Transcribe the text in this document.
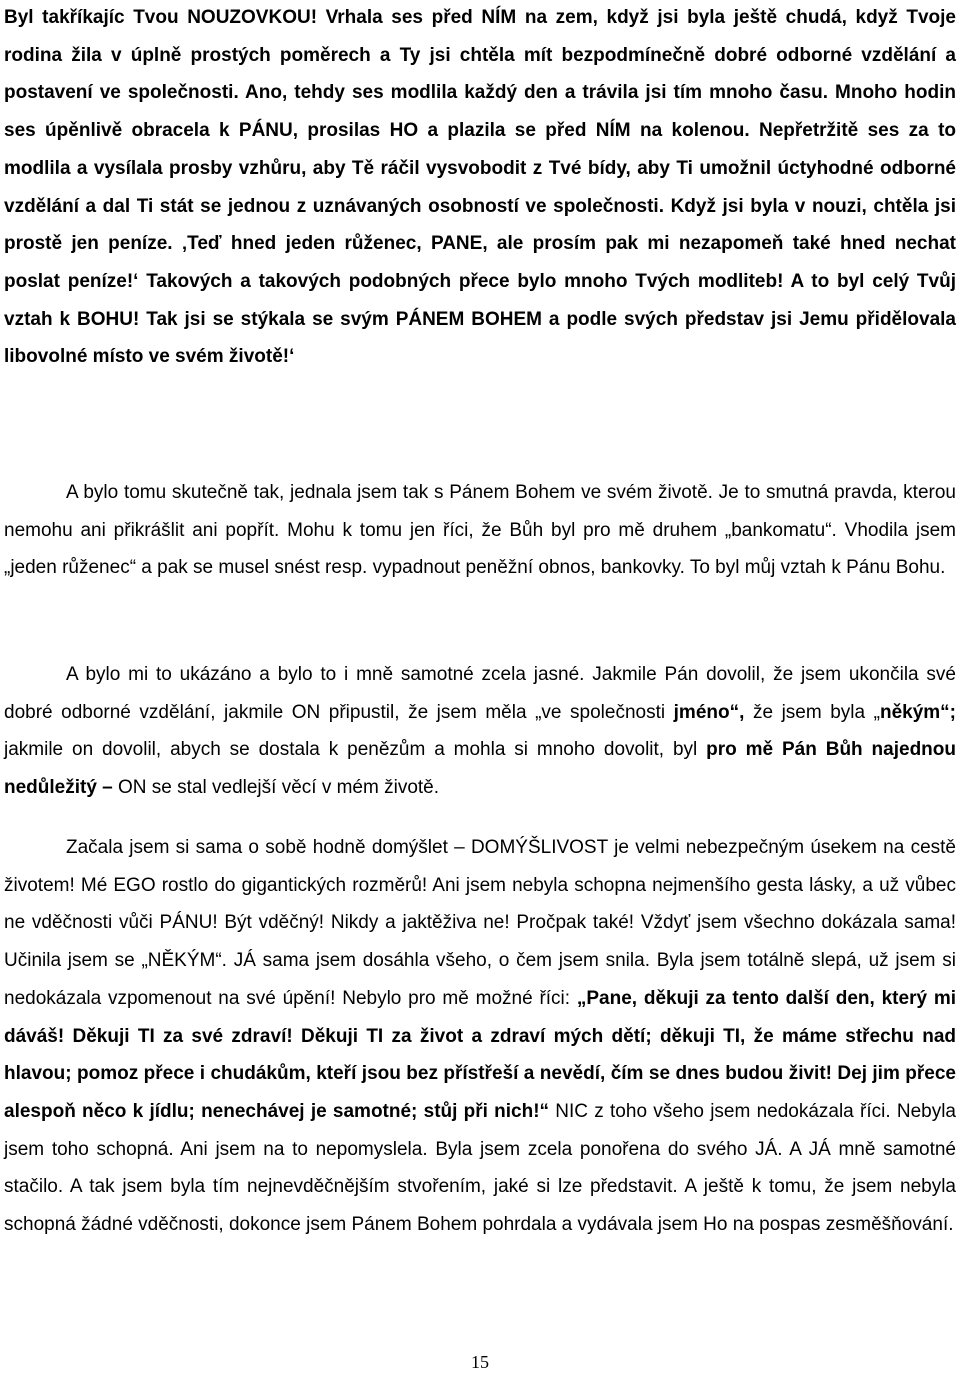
Byl takříkajíc Tvou NOUZOVKOU! Vrhala ses před NÍM na zem, když jsi byla ještě chudá, když Tvoje rodina žila v úplně prostých poměrech a Ty jsi chtěla mít bezpodmínečně dobré odborné vzdělání a postavení ve společnosti. Ano, tehdy ses modlila každý den a trávila jsi tím mnoho času. Mnoho hodin ses úpěnlivě obracela k PÁNU, prosilas HO a plazila se před NÍM na kolenou. Nepřetržitě ses za to modlila a vysílala prosby vzhůru, aby Tě ráčil vysvobodit z Tvé bídy, aby Ti umožnil úctyhodné odborné vzdělání a dal Ti stát se jednou z uznávaných osobností ve společnosti. Když jsi byla v nouzi, chtěla jsi prostě jen peníze. ‚Teď hned jeden růženec, PANE, ale prosím pak mi nezapomeň také hned nechat poslat peníze!‘ Takových a takových podobných přece bylo mnoho Tvých modliteb! A to byl celý Tvůj vztah k BOHU! Tak jsi se stýkala se svým PÁNEM BOHEM a podle svých představ jsi Jemu přidělovala libovolné místo ve svém životě!‘

A bylo tomu skutečně tak, jednala jsem tak s Pánem Bohem ve svém životě. Je to smutná pravda, kterou nemohu ani přikrášlit ani popřít. Mohu k tomu jen říci, že Bůh byl pro mě druhem „bankomatu“. Vhodila jsem „jeden růženec“ a pak se musel snést resp. vypadnout peněžní obnos, bankovky. To byl můj vztah k Pánu Bohu.

A bylo mi to ukázáno a bylo to i mně samotné zcela jasné. Jakmile Pán dovolil, že jsem ukončila své dobré odborné vzdělání, jakmile ON připustil, že jsem měla „ve společnosti jméno“, že jsem byla „někým“; jakmile on dovolil, abych se dostala k penězům a mohla si mnoho dovolit, byl pro mě Pán Bůh najednou nedůležitý – ON se stal vedlejší věcí v mém životě.

Začala jsem si sama o sobě hodně domýšlet – DOMÝŠLIVOST je velmi nebezpečným úsekem na cestě životem! Mé EGO rostlo do gigantických rozměrů! Ani jsem nebyla schopna nejmenšího gesta lásky, a už vůbec ne vděčnosti vůči PÁNU! Být vděčný! Nikdy a jaktěživa ne! Pročpak také! Vždyť jsem všechno dokázala sama! Učinila jsem se „NĚKÝM“. JÁ sama jsem dosáhla všeho, o čem jsem snila. Byla jsem totálně slepá, už jsem si nedokázala vzpomenout na své úpění! Nebylo pro mě možné říci: „Pane, děkuji za tento další den, který mi dáváš! Děkuji TI za své zdraví! Děkuji TI za život a zdraví mých dětí; děkuji TI, že máme střechu nad hlavou; pomoz přece i chudákům, kteří jsou bez přístřeší a nevědí, čím se dnes budou živit! Dej jim přece alespoň něco k jídlu; nenechávej je samotné; stůj při nich!“ NIC z toho všeho jsem nedokázala říci. Nebyla jsem toho schopná. Ani jsem na to nepomyslela. Byla jsem zcela ponořena do svého JÁ. A JÁ mně samotné stačilo. A tak jsem byla tím nejnevděčnějším stvořením, jaké si lze představit. A ještě k tomu, že jsem nebyla schopná žádné vděčnosti, dokonce jsem Pánem Bohem pohrdala a vydávala jsem Ho na pospas zesměšňování.

15
